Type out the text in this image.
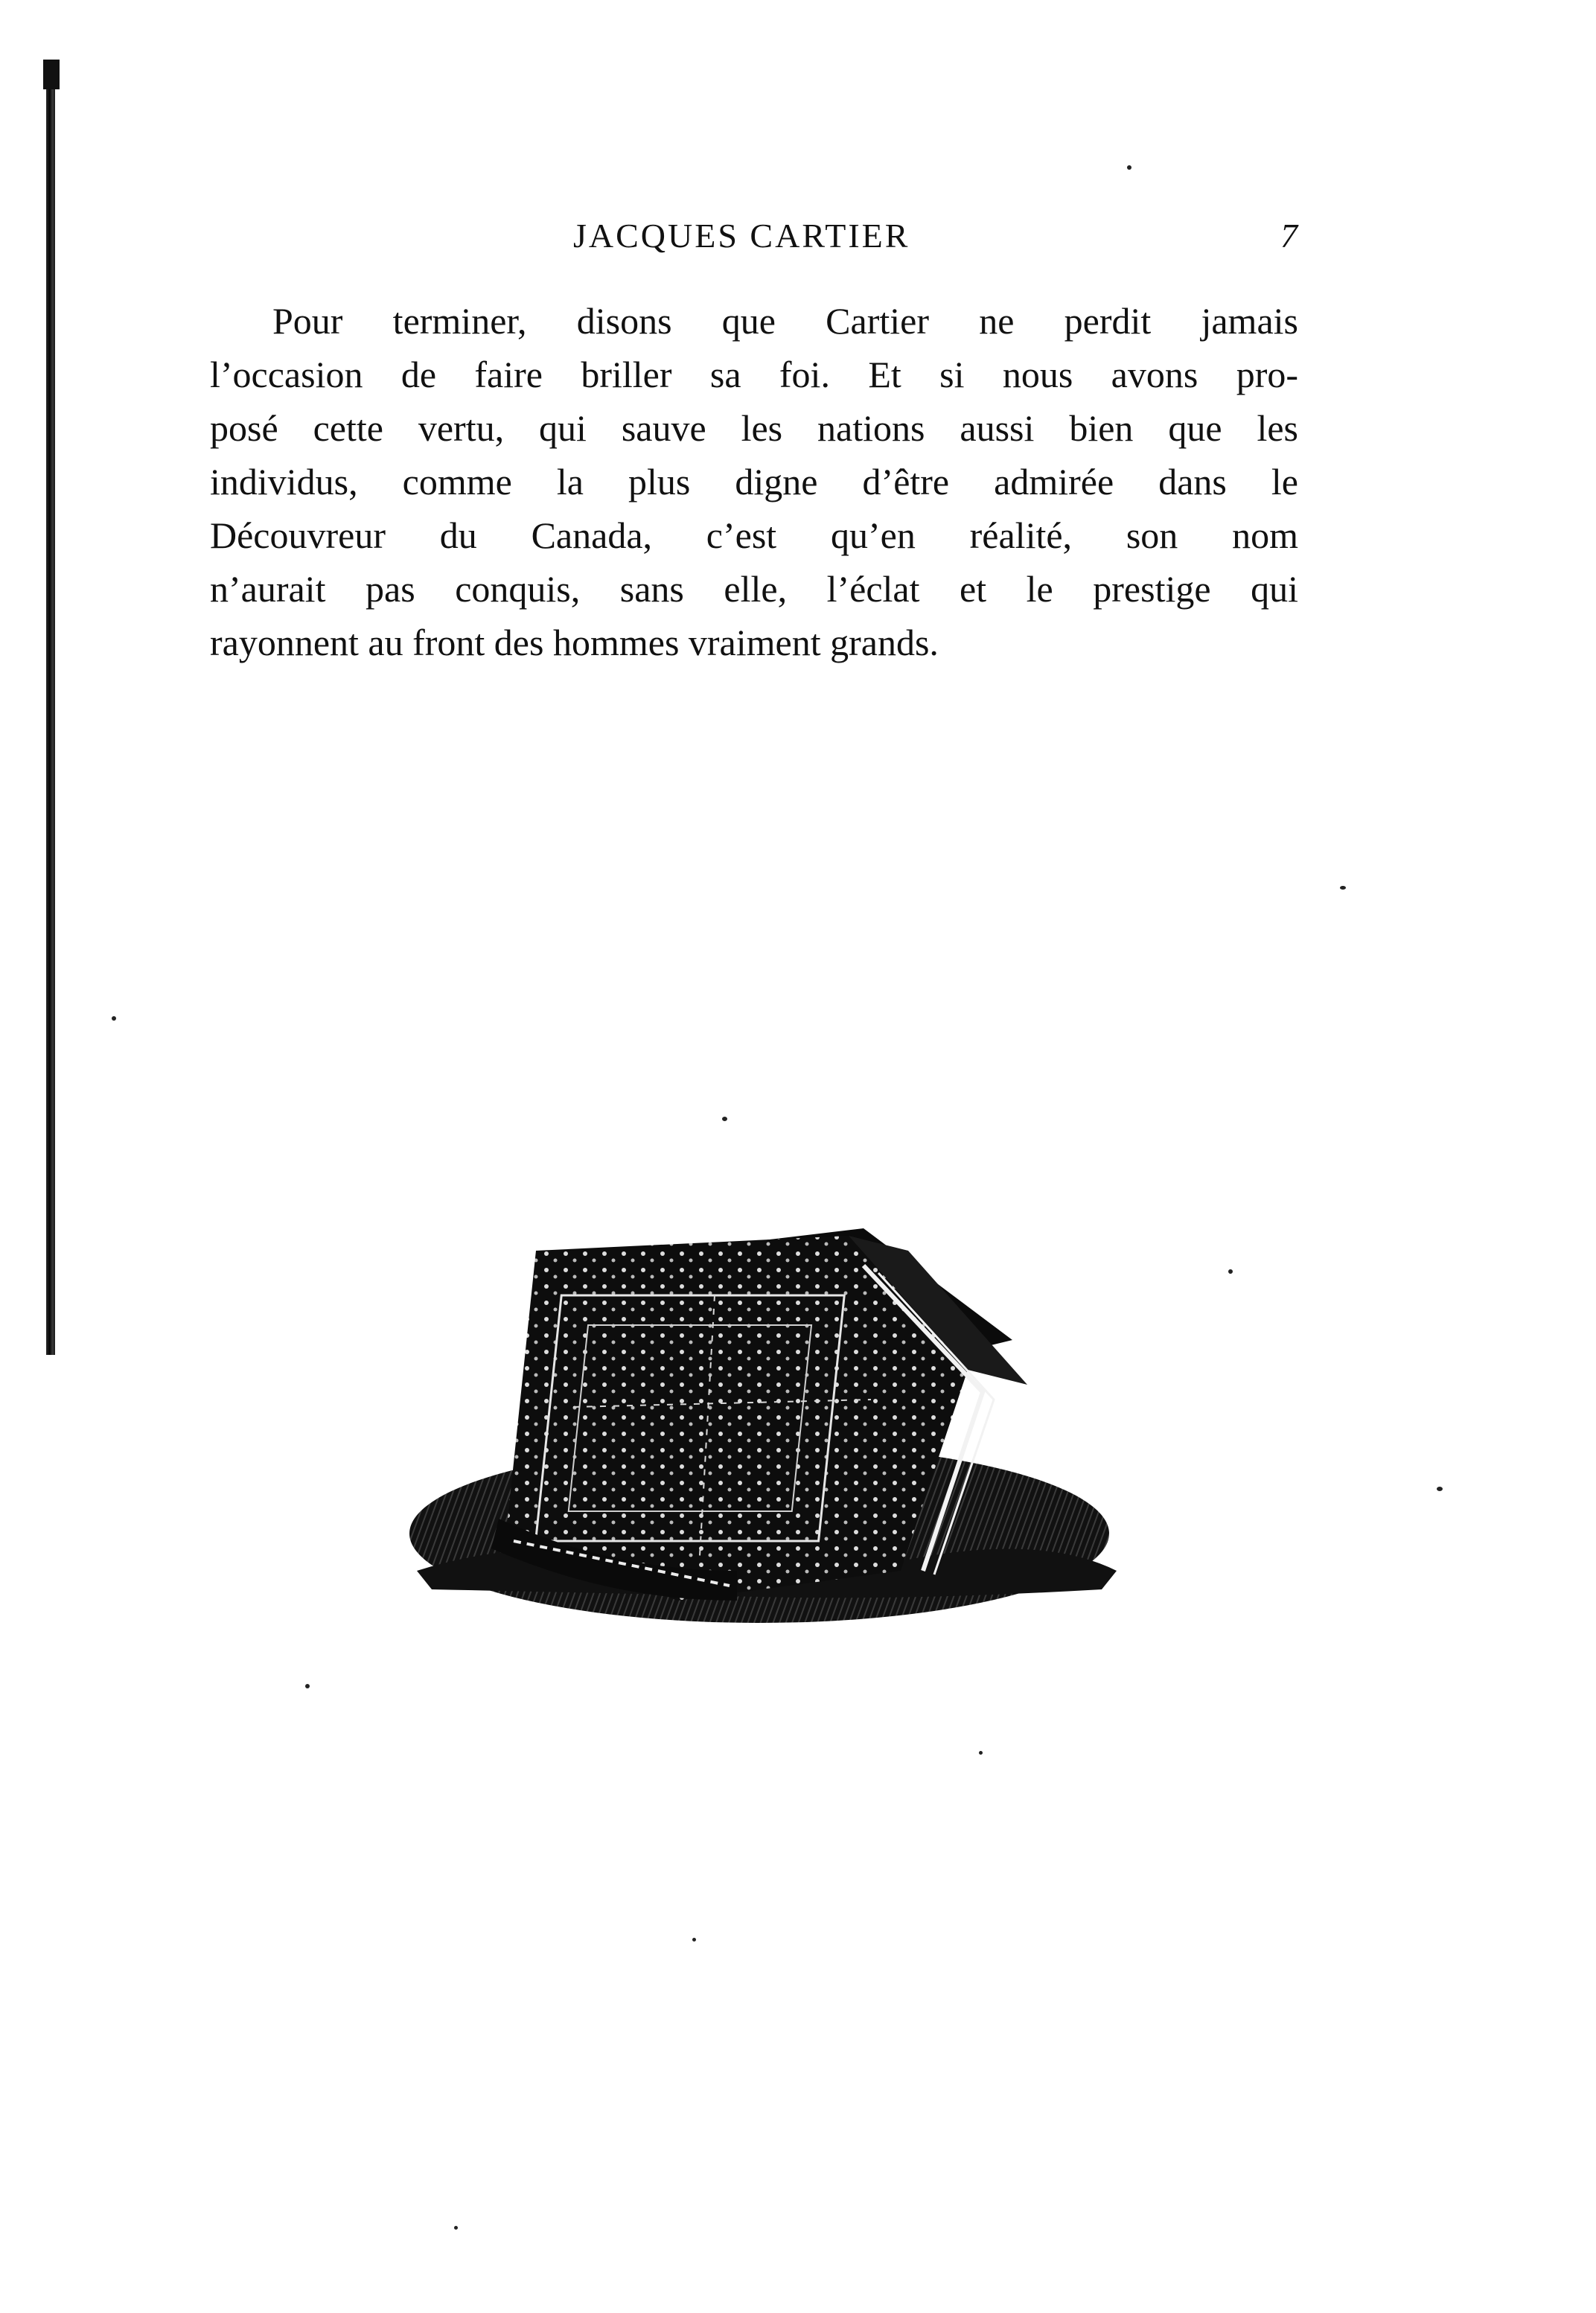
JACQUES CARTIER	7
Pour terminer, disons que Cartier ne perdit jamais
l’occasion de faire briller sa foi. Et si nous avons pro-
posé cette vertu, qui sauve les nations aussi bien que les
individus, comme la plus digne d’être admirée dans le
Découvreur du Canada, c’est qu’en réalité, son nom
n’aurait pas conquis, sans elle, l’éclat et le prestige qui
rayonnent au front des hommes vraiment grands.
